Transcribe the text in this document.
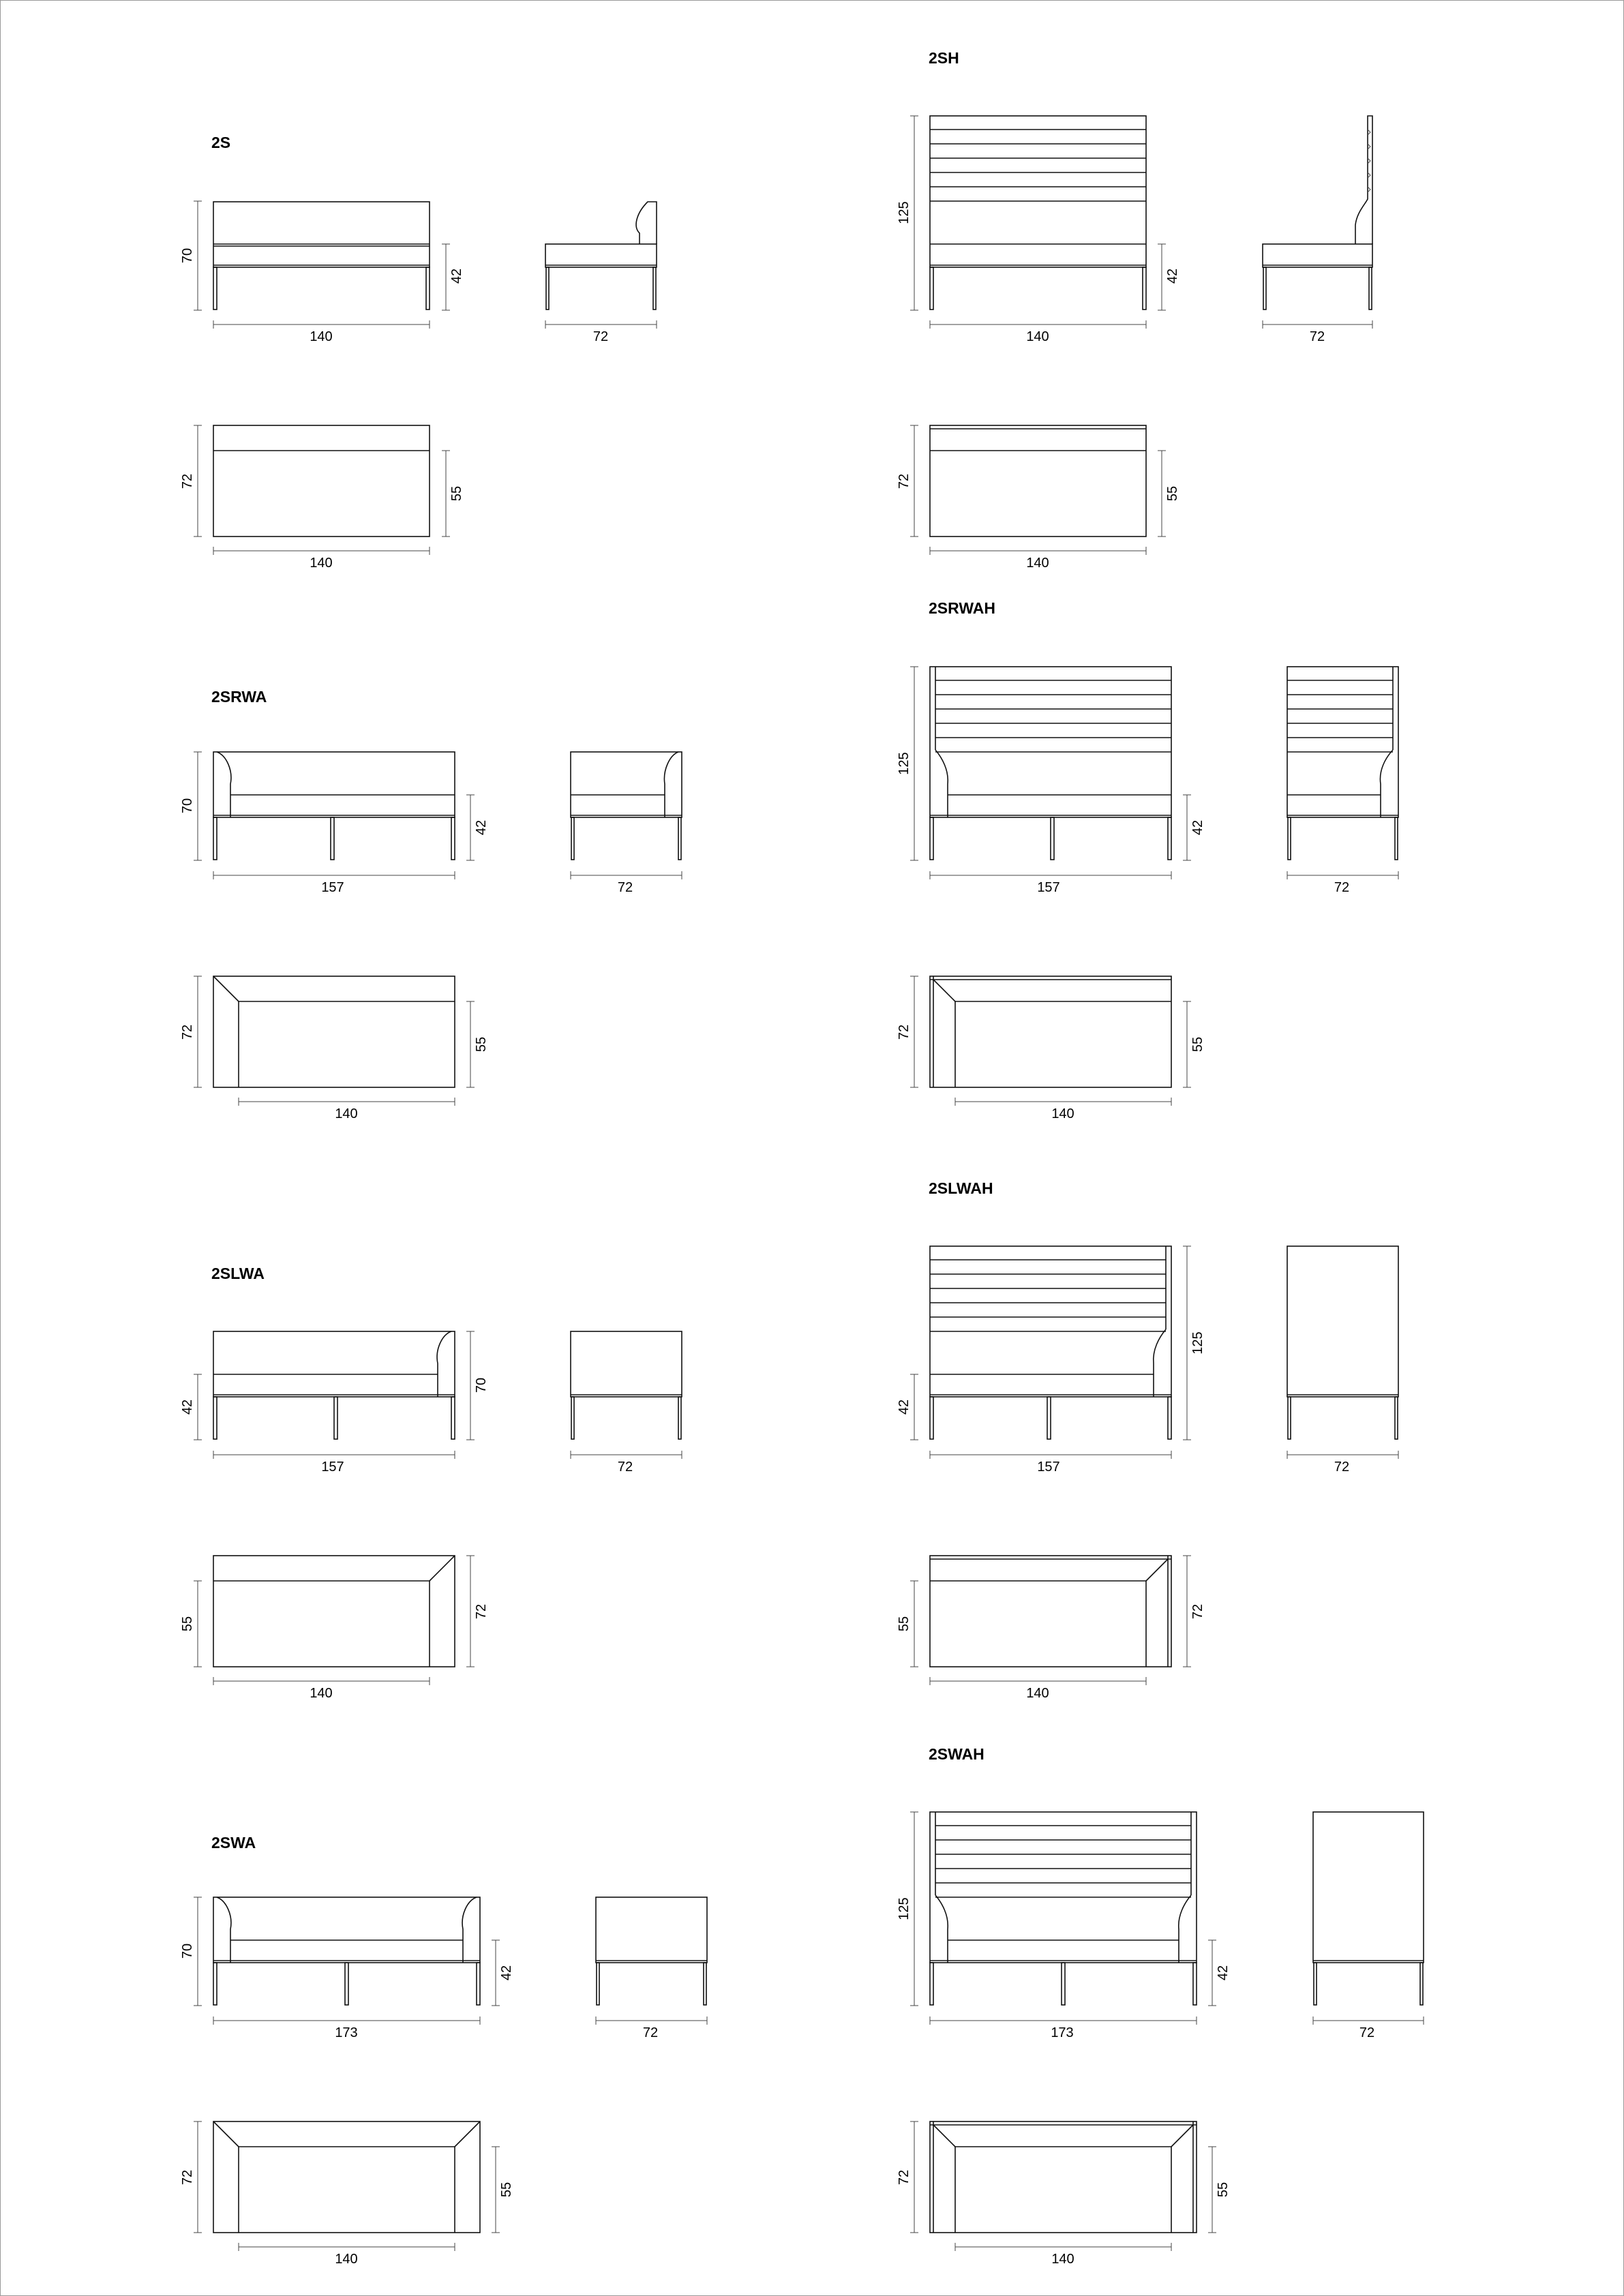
2S
70
42
140	72
72
55
140
2SH
125
42
140	72
72
55
140
2SRWA
70
42
157	72
72
55
140
2SRWAH
125
42
157	72
72
55
140
2SLWA
42
70
157	72
55
72
140
2SLWAH
42
125
157	72
55
72
140
2SWA
70
42
173	72
72
55
140
2SWAH
125
42
173	72
72
55
140
